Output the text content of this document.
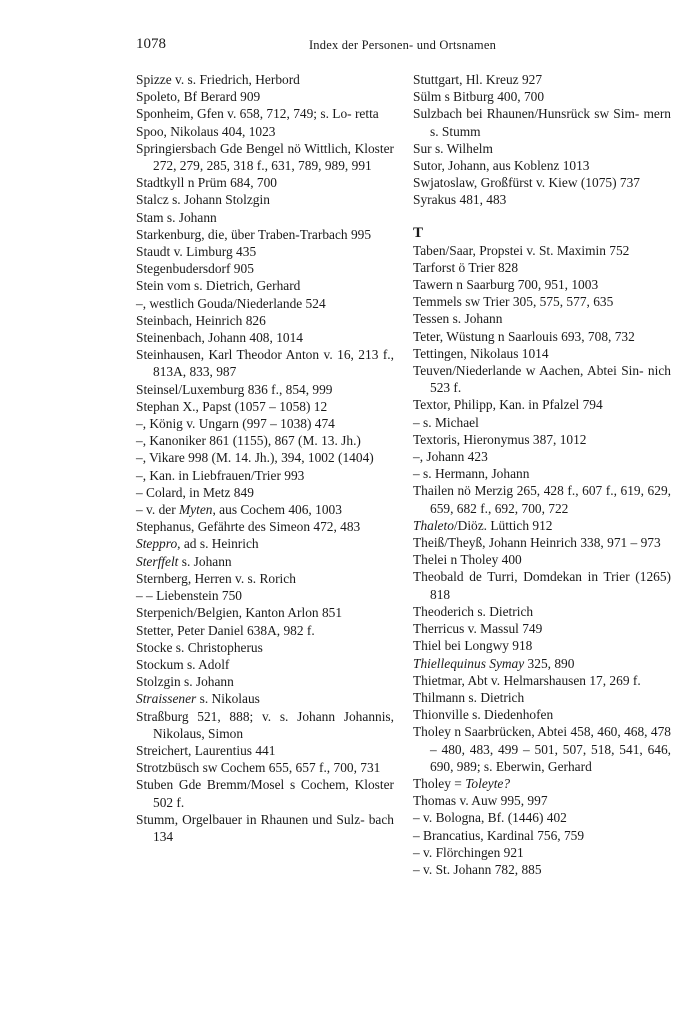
1078	Index der Personen- und Ortsnamen
Spizze v. s. Friedrich, Herbord
Spoleto, Bf Berard 909
Sponheim, Gfen v. 658, 712, 749; s. Lo- retta
Spoo, Nikolaus 404, 1023
Springiersbach Gde Bengel nö Wittlich, Kloster 272, 279, 285, 318 f., 631, 789, 989, 991
Stadtkyll n Prüm 684, 700
Stalcz s. Johann Stolzgin
Stam s. Johann
Starkenburg, die, über Traben-Trarbach 995
Staudt v. Limburg 435
Stegenbudersdorf 905
Stein vom s. Dietrich, Gerhard
–, westlich Gouda/Niederlande 524
Steinbach, Heinrich 826
Steinenbach, Johann 408, 1014
Steinhausen, Karl Theodor Anton v. 16, 213 f., 813A, 833, 987
Steinsel/Luxemburg 836 f., 854, 999
Stephan X., Papst (1057 – 1058) 12
–, König v. Ungarn (997 – 1038) 474
–, Kanoniker 861 (1155), 867 (M. 13. Jh.)
–, Vikare 998 (M. 14. Jh.), 394, 1002 (1404)
–, Kan. in Liebfrauen/Trier 993
– Colard, in Metz 849
– v. der Myten, aus Cochem 406, 1003
Stephanus, Gefährte des Simeon 472, 483
Steppro, ad s. Heinrich
Sterffelt s. Johann
Sternberg, Herren v. s. Rorich
– – Liebenstein 750
Sterpenich/Belgien, Kanton Arlon 851
Stetter, Peter Daniel 638A, 982 f.
Stocke s. Christopherus
Stockum s. Adolf
Stolzgin s. Johann
Straissener s. Nikolaus
Straßburg 521, 888; v. s. Johann Johannis, Nikolaus, Simon
Streichert, Laurentius 441
Strotzbüsch sw Cochem 655, 657 f., 700, 731
Stuben Gde Bremm/Mosel s Cochem, Kloster 502 f.
Stumm, Orgelbauer in Rhaunen und Sulz- bach 134
Stuttgart, Hl. Kreuz 927
Sülm s Bitburg 400, 700
Sulzbach bei Rhaunen/Hunsrück sw Sim- mern s. Stumm
Sur s. Wilhelm
Sutor, Johann, aus Koblenz 1013
Swjatoslaw, Großfürst v. Kiew (1075) 737
Syrakus 481, 483
T
Taben/Saar, Propstei v. St. Maximin 752
Tarforst ö Trier 828
Tawern n Saarburg 700, 951, 1003
Temmels sw Trier 305, 575, 577, 635
Tessen s. Johann
Teter, Wüstung n Saarlouis 693, 708, 732
Tettingen, Nikolaus 1014
Teuven/Niederlande w Aachen, Abtei Sin- nich 523 f.
Textor, Philipp, Kan. in Pfalzel 794
– s. Michael
Textoris, Hieronymus 387, 1012
–, Johann 423
– s. Hermann, Johann
Thailen nö Merzig 265, 428 f., 607 f., 619, 629, 659, 682 f., 692, 700, 722
Thaleto/Diöz. Lüttich 912
Theiß/Theyß, Johann Heinrich 338, 971 – 973
Thelei n Tholey 400
Theobald de Turri, Domdekan in Trier (1265) 818
Theoderich s. Dietrich
Therricus v. Massul 749
Thiel bei Longwy 918
Thiellequinus Symay 325, 890
Thietmar, Abt v. Helmarshausen 17, 269 f.
Thilmann s. Dietrich
Thionville s. Diedenhofen
Tholey n Saarbrücken, Abtei 458, 460, 468, 478 – 480, 483, 499 – 501, 507, 518, 541, 646, 690, 989; s. Eberwin, Gerhard
Tholey = Toleyte?
Thomas v. Auw 995, 997
– v. Bologna, Bf. (1446) 402
– Brancatius, Kardinal 756, 759
– v. Flörchingen 921
– v. St. Johann 782, 885
